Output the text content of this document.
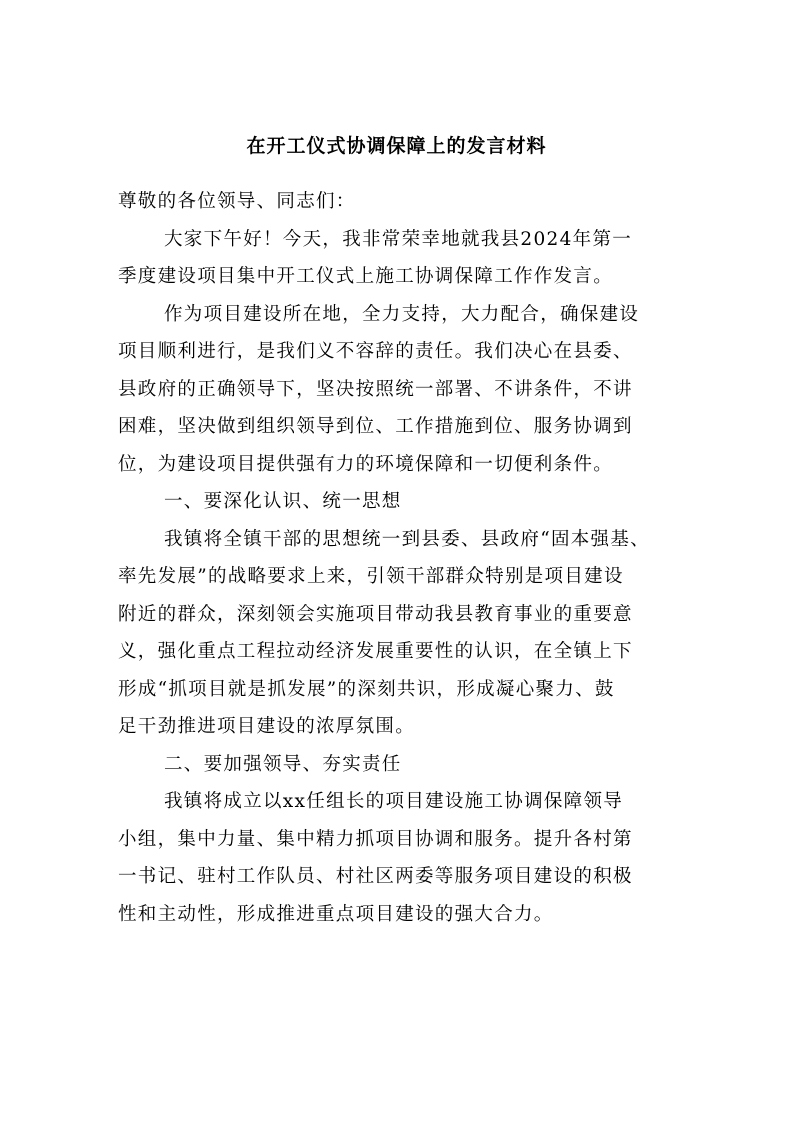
在开工仪式协调保障上的发言材料

尊敬的各位领导、同志们：

大家下午好！今天，我非常荣幸地就我县2024年第一

季度建设项目集中开工仪式上施工协调保障工作作发言。

作为项目建设所在地，全力支持，大力配合，确保建设

项目顺利进行，是我们义不容辞的责任。我们决心在县委、

县政府的正确领导下，坚决按照统一部署、不讲条件，不讲

困难，坚决做到组织领导到位、工作措施到位、服务协调到

位，为建设项目提供强有力的环境保障和一切便利条件。

一、要深化认识、统一思想

我镇将全镇干部的思想统一到县委、县政府“固本强基、

率先发展”的战略要求上来，引领干部群众特别是项目建设

附近的群众，深刻领会实施项目带动我县教育事业的重要意

义，强化重点工程拉动经济发展重要性的认识，在全镇上下

形成“抓项目就是抓发展”的深刻共识，形成凝心聚力、鼓

足干劲推进项目建设的浓厚氛围。

二、要加强领导、夯实责任

我镇将成立以xx任组长的项目建设施工协调保障领导

小组，集中力量、集中精力抓项目协调和服务。提升各村第

一书记、驻村工作队员、村社区两委等服务项目建设的积极

性和主动性，形成推进重点项目建设的强大合力。
